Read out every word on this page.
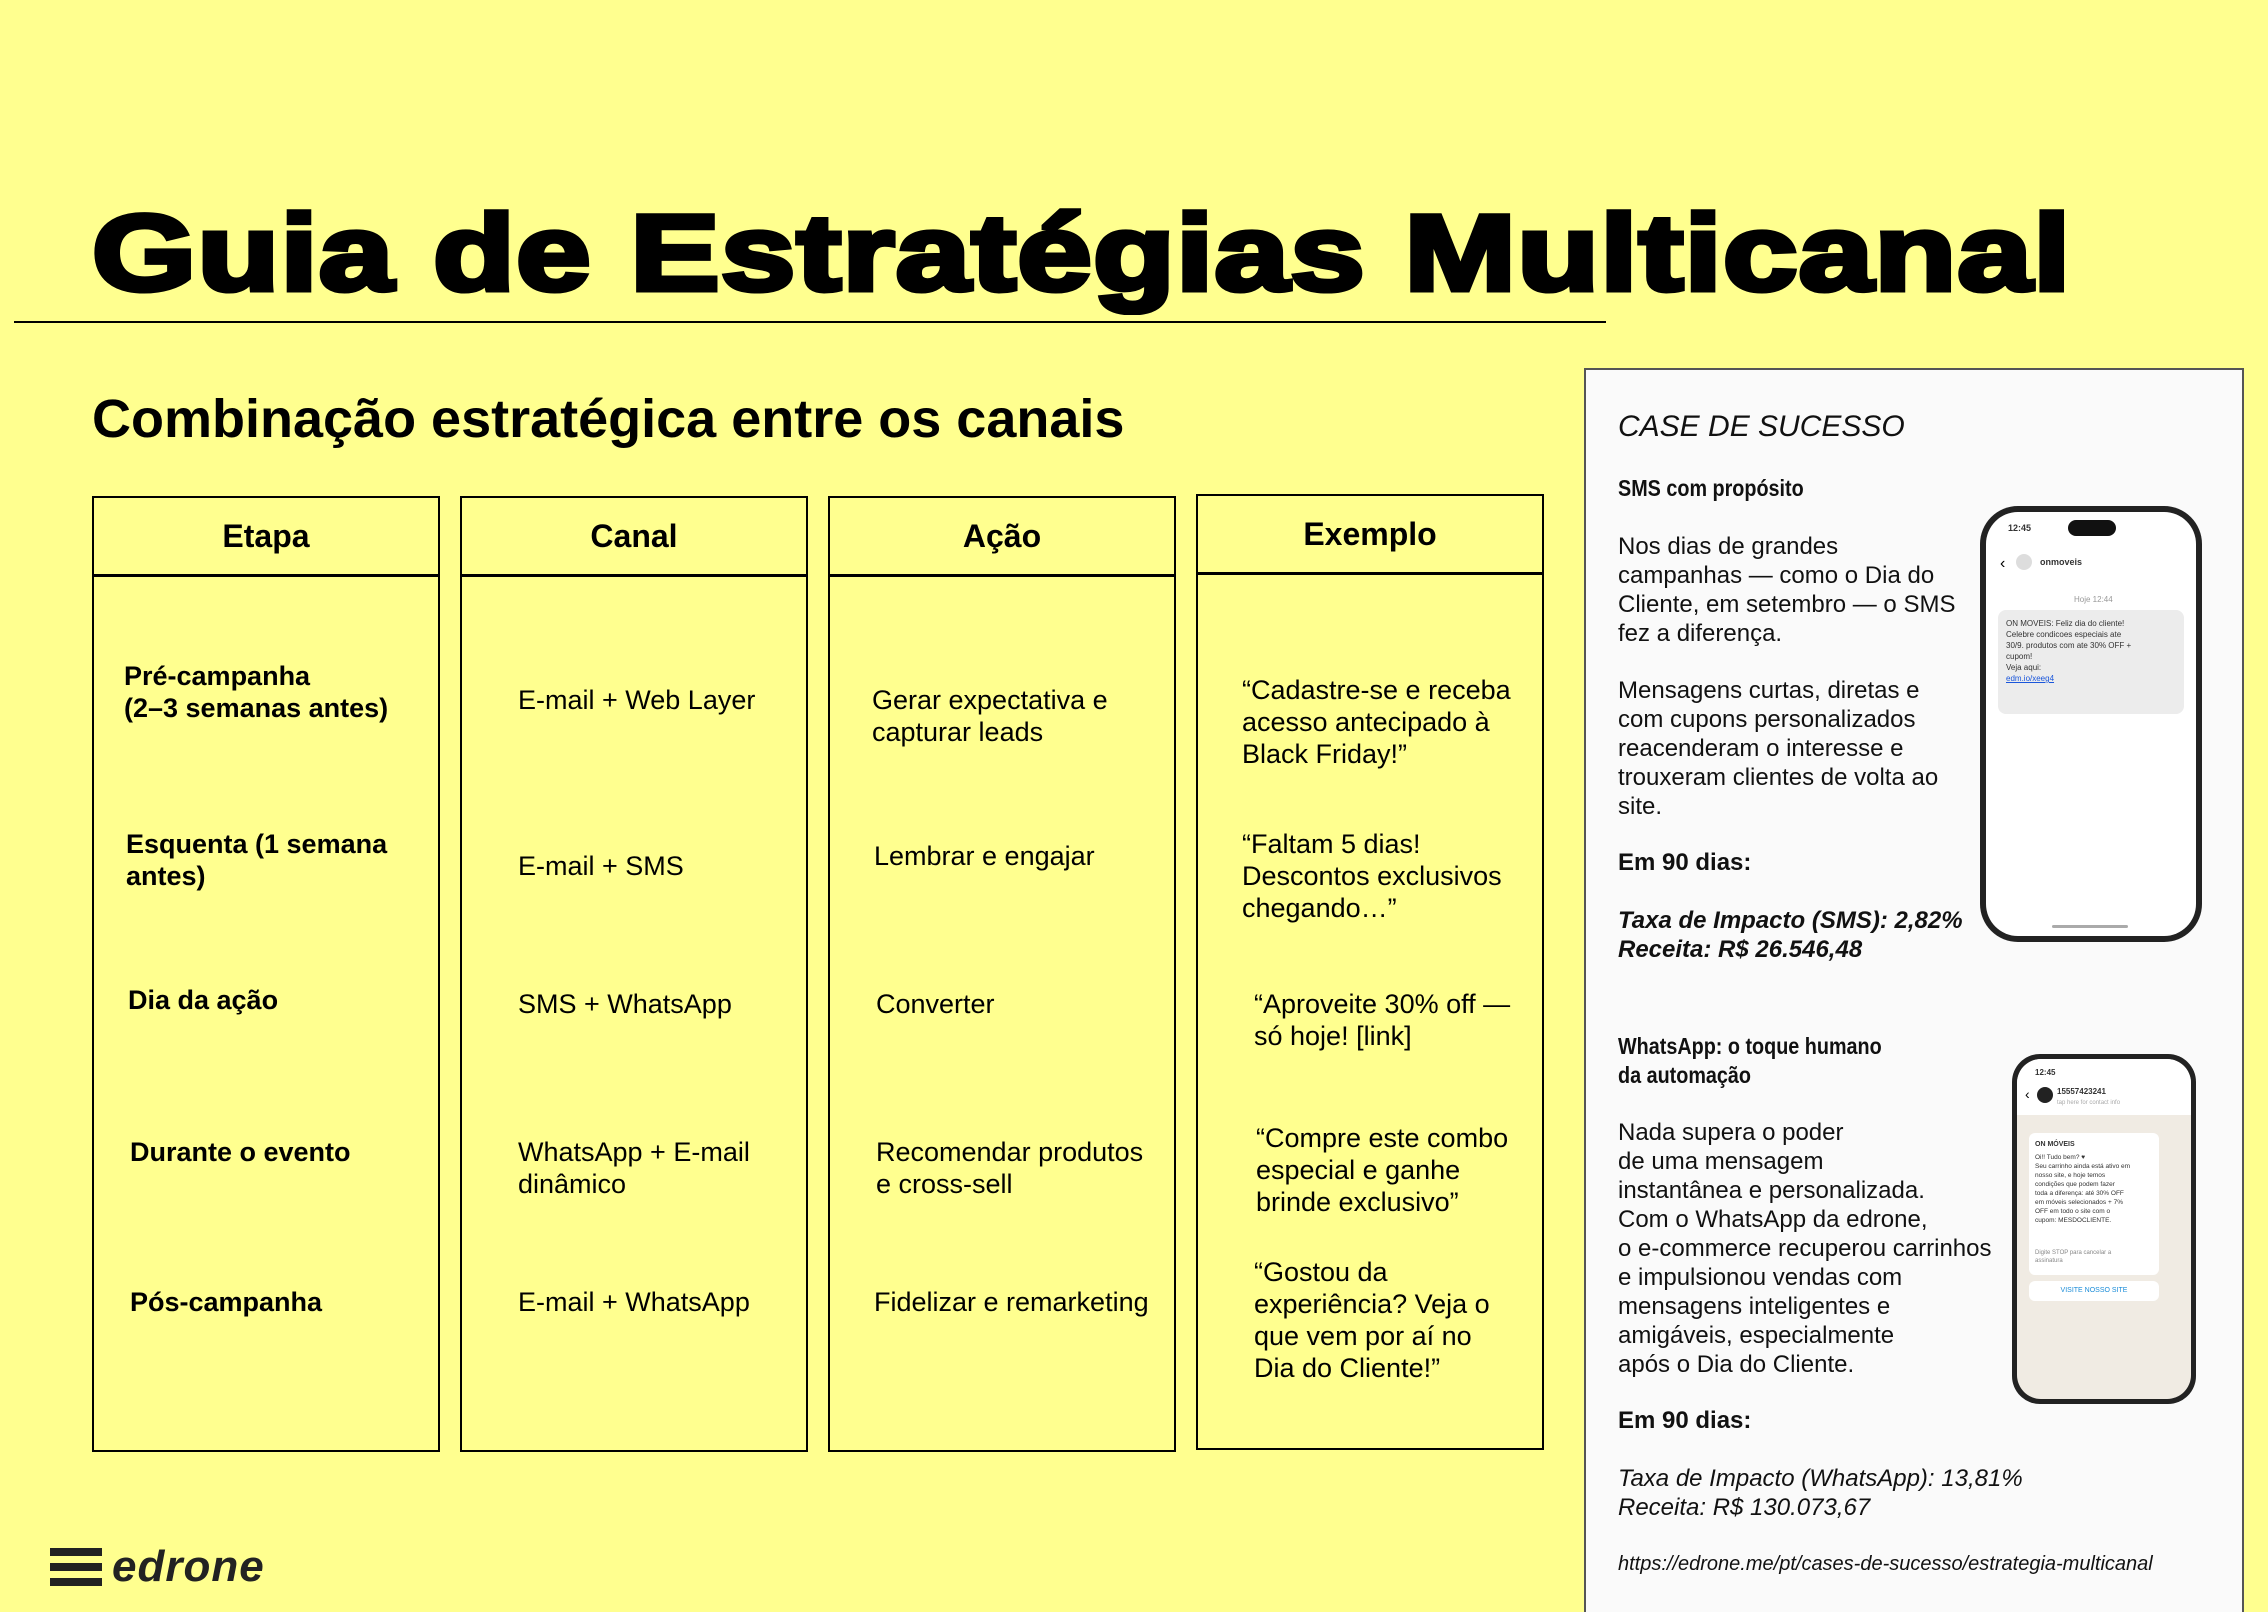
Guia de Estratégias Multicanal
Combinação estratégica entre os canais
Etapa
Pré-campanha
(2–3 semanas antes)
Esquenta (1 semana
antes)
Dia da ação
Durante o evento
Pós-campanha
Canal
E-mail + Web Layer
E-mail + SMS
SMS + WhatsApp
WhatsApp + E-mail
dinâmico
E-mail + WhatsApp
Ação
Gerar expectativa e
capturar leads
Lembrar e engajar
Converter
Recomendar produtos
e cross-sell
Fidelizar e remarketing
Exemplo
“Cadastre-se e receba
acesso antecipado à
Black Friday!”
“Faltam 5 dias!
Descontos exclusivos
chegando…”
“Aproveite 30% off —
só hoje! [link]
“Compre este combo
especial e ganhe
brinde exclusivo”
“Gostou da
experiência? Veja o
que vem por aí no
Dia do Cliente!”
edrone
CASE DE SUCESSO
SMS com propósito
Nos dias de grandes
campanhas — como o Dia do
Cliente, em setembro — o SMS
fez a diferença.
Mensagens curtas, diretas e
com cupons personalizados
reacenderam o interesse e
trouxeram clientes de volta ao
site.
Em 90 dias:
Taxa de Impacto (SMS): 2,82%
Receita: R$ 26.546,48
12:45
‹	onmoveis
Hoje 12:44
ON MOVEIS: Feliz dia do cliente!
Celebre condicoes especiais ate
30/9. produtos com ate 30% OFF +
cupom!
Veja aqui:
edm.io/xeeg4
WhatsApp: o toque humano
da automação
Nada supera o poder
de uma mensagem
instantânea e personalizada.
Com o WhatsApp da edrone,
o e-commerce recuperou carrinhos
e impulsionou vendas com
mensagens inteligentes e
amigáveis, especialmente
após o Dia do Cliente.
Em 90 dias:
Taxa de Impacto (WhatsApp): 13,81%
Receita: R$ 130.073,67
12:45
‹	15557423241
tap here for contact info
ON MÓVEIS
Oi!! Tudo bem? ♥
Seu carrinho ainda está ativo em
nosso site, e hoje temos
condições que podem fazer
toda a diferença: até 30% OFF
em móveis selecionados + 7%
OFF em todo o site com o
cupom: MESDOCLIENTE.
Digite STOP para cancelar a
assinatura
VISITE NOSSO SITE
https://edrone.me/pt/cases-de-sucesso/estrategia-multicanal
